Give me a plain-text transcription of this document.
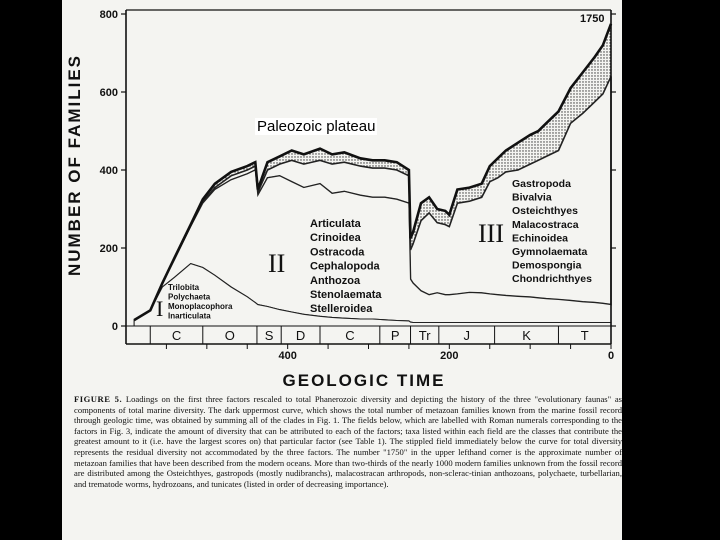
0
200
400
600
800
400	200	0
C	O S D	C	P Tr	J	K	T
I
Trilobita
Polychaeta
Monoplacophora
Inarticulata
II
Articulata
Crinoidea
Ostracoda
Cephalopoda
Anthozoa
Stenolaemata
Stelleroidea
III
Gastropoda
Bivalvia
Osteichthyes
Malacostraca
Echinoidea
Gymnolaemata
Demospongia
Chondrichthyes
NUMBER OF FAMILIES
GEOLOGIC TIME
1750

FIGURE 5. Loadings on the first three factors rescaled to total Phanerozoic diversity and depicting the history of the three "evolutionary faunas" as components of total marine diversity. The dark uppermost curve, which shows the total number of metazoan families known from the marine fossil record through geologic time, was obtained by summing all of the clades in Fig. 1. The fields below, which are labelled with Roman numerals corresponding to the factors in Fig. 3, indicate the amount of diversity that can be attributed to each of the factors; taxa listed within each field are the classes that contribute the greatest amount to it (i.e. have the largest scores on) that particular factor (see Table 1). The stippled field immediately below the curve for total diversity represents the residual diversity not accommodated by the three factors. The number "1750" in the upper lefthand corner is the approximate number of metazoan families that have been described from the modern oceans. More than two-thirds of the nearly 1000 modern families unknown from the fossil record are distributed among the Osteichthyes, gastropods (mostly nudibranchs), malacostracan arthropods, non-sclerac-tinian anthozoans, polychaete, turbellarian, and trematode worms, hydrozoans, and tunicates (listed in order of decreasing importance).

Paleozoic plateau
